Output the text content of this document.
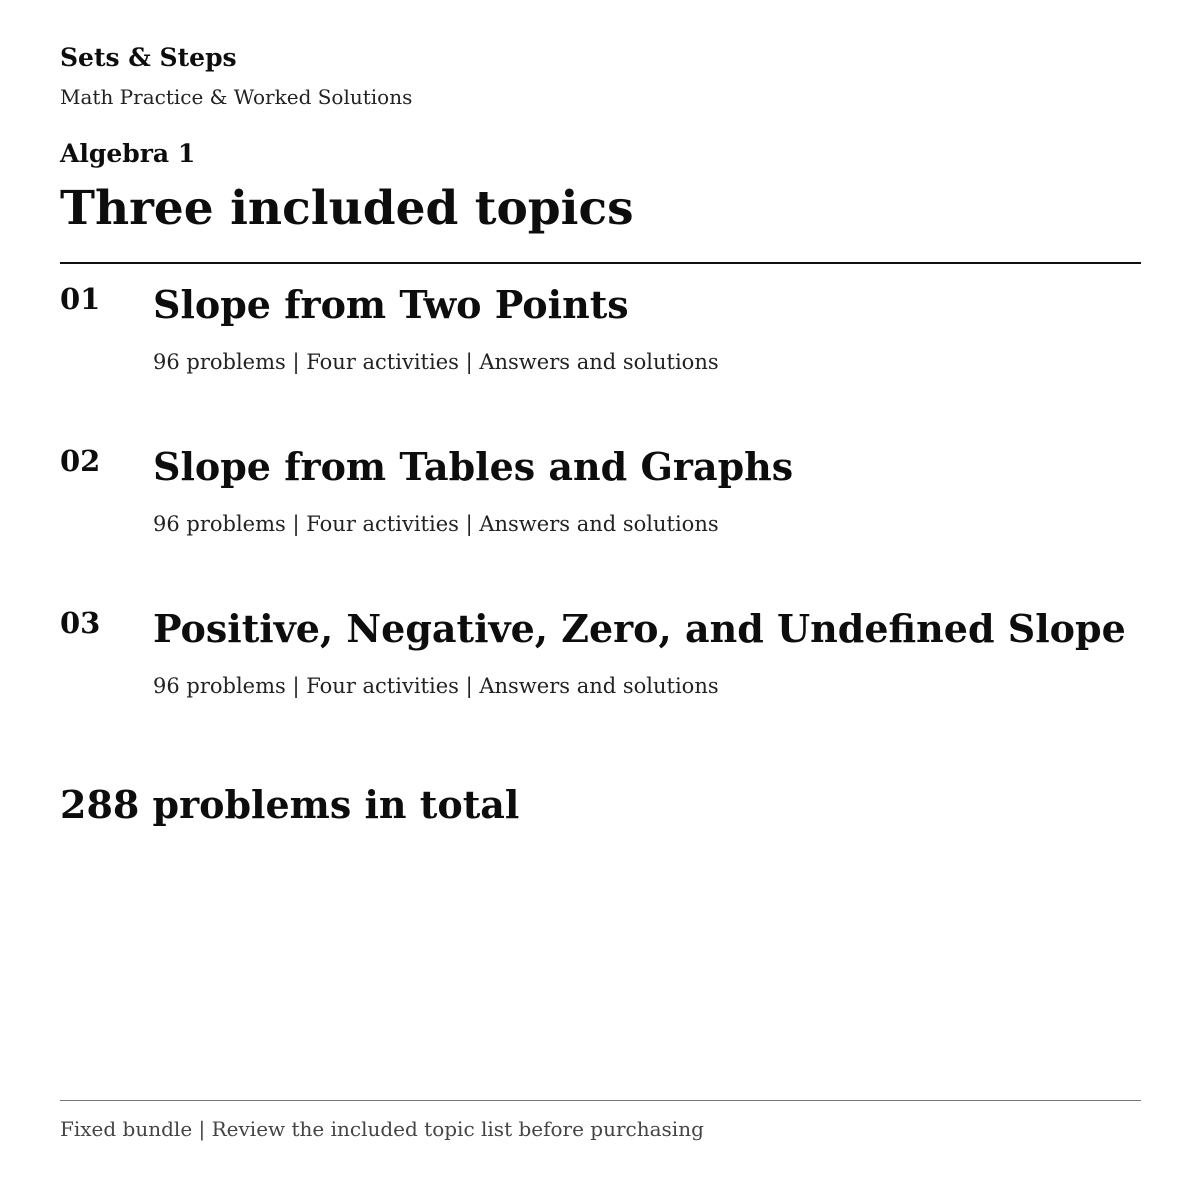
Sets & Steps
Math Practice & Worked Solutions
Algebra 1
Three included topics
01 Slope from Two Points
96 problems | Four activities | Answers and solutions
02 Slope from Tables and Graphs
96 problems | Four activities | Answers and solutions
03 Positive, Negative, Zero, and Undefined Slope
96 problems | Four activities | Answers and solutions
288 problems in total
Fixed bundle | Review the included topic list before purchasing
